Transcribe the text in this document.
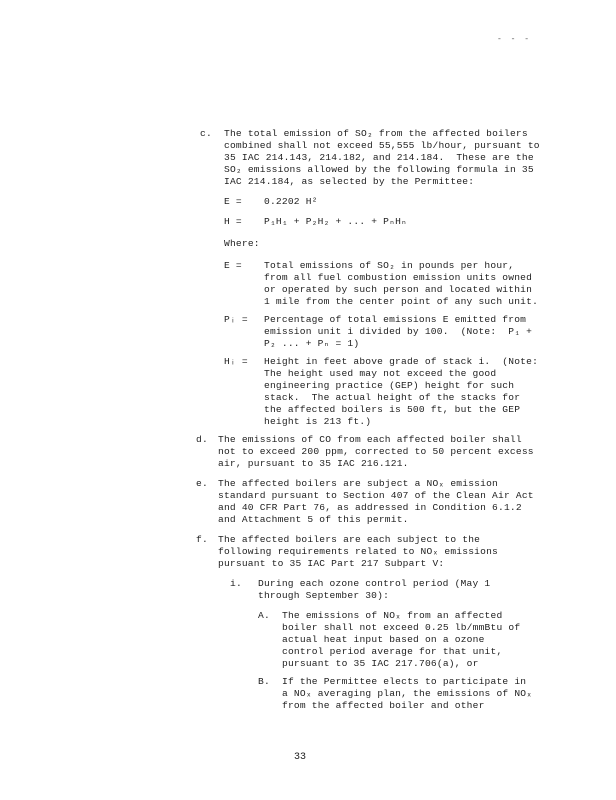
- - -
c. The total emission of SO₂ from the affected boilers
combined shall not exceed 55,555 lb/hour, pursuant to
35 IAC 214.143, 214.182, and 214.184.  These are the
SO₂ emissions allowed by the following formula in 35
IAC 214.184, as selected by the Permittee:
E = 0.2202 H²
H = P₁H₁ + P₂H₂ + ... + PₙHₙ
Where:
E = Total emissions of SO₂ in pounds per hour,
from all fuel combustion emission units owned
or operated by such person and located within
1 mile from the center point of any such unit.
Pᵢ = Percentage of total emissions E emitted from
emission unit i divided by 100.  (Note:  P₁ +
P₂ ... + Pₙ = 1)
Hᵢ = Height in feet above grade of stack i.  (Note:
The height used may not exceed the good
engineering practice (GEP) height for such
stack.  The actual height of the stacks for
the affected boilers is 500 ft, but the GEP
height is 213 ft.)
d. The emissions of CO from each affected boiler shall
not to exceed 200 ppm, corrected to 50 percent excess
air, pursuant to 35 IAC 216.121.
e. The affected boilers are subject a NOₓ emission
standard pursuant to Section 407 of the Clean Air Act
and 40 CFR Part 76, as addressed in Condition 6.1.2
and Attachment 5 of this permit.
f. The affected boilers are each subject to the
following requirements related to NOₓ emissions
pursuant to 35 IAC Part 217 Subpart V:
i. During each ozone control period (May 1
through September 30):
A. The emissions of NOₓ from an affected
boiler shall not exceed 0.25 lb/mmBtu of
actual heat input based on a ozone
control period average for that unit,
pursuant to 35 IAC 217.706(a), or
B. If the Permittee elects to participate in
a NOₓ averaging plan, the emissions of NOₓ
from the affected boiler and other
33
